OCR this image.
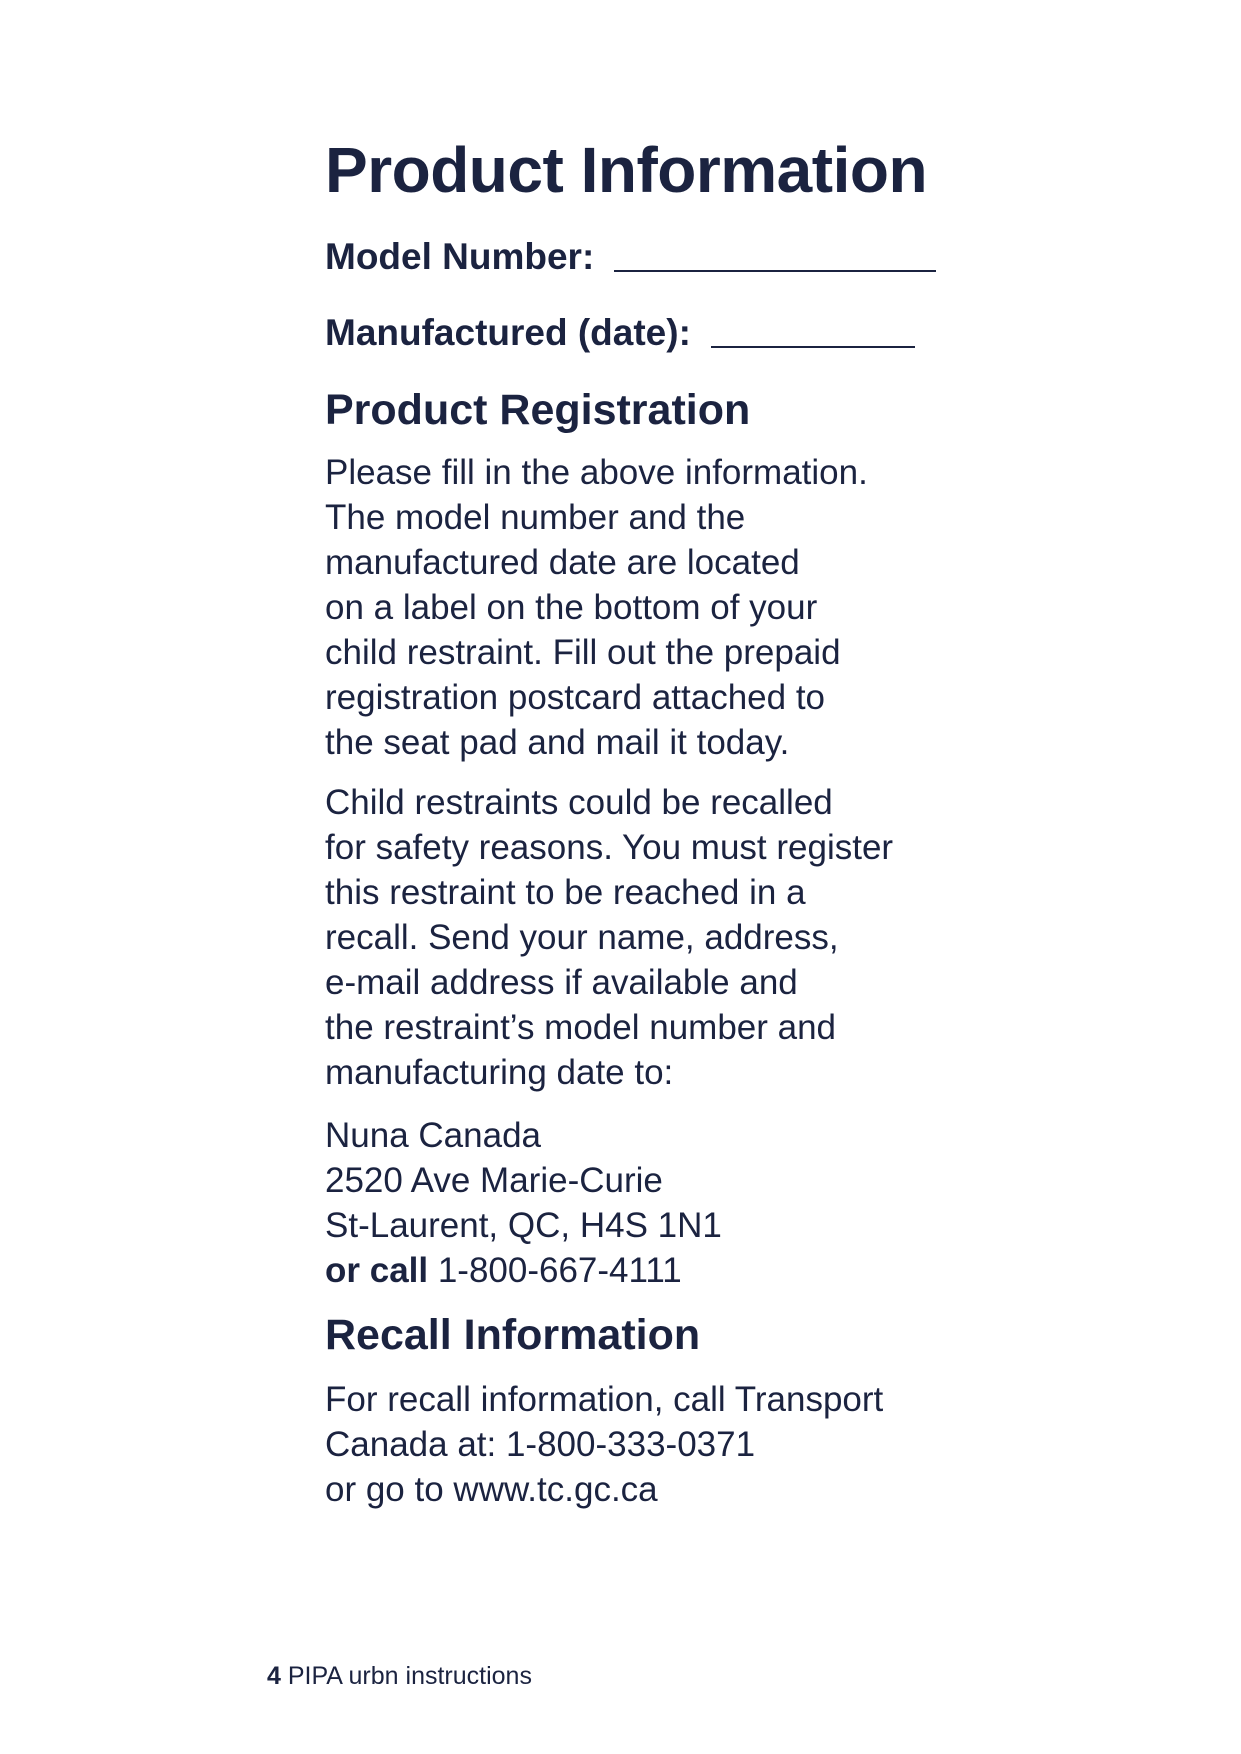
Product Information
Model Number:
Manufactured (date):
Product Registration

Please fill in the above information.
The model number and the
manufactured date are located
on a label on the bottom of your
child restraint. Fill out the prepaid
registration postcard attached to
the seat pad and mail it today.

Child restraints could be recalled
for safety reasons. You must register
this restraint to be reached in a
recall. Send your name, address,
e-mail address if available and
the restraint’s model number and
manufacturing date to:

Nuna Canada
2520 Ave Marie-Curie
St-Laurent, QC, H4S 1N1
or call 1-800-667-4111
Recall Information

For recall information, call Transport
Canada at: 1-800-333-0371
or go to www.tc.gc.ca

4 PIPA urbn instructions
